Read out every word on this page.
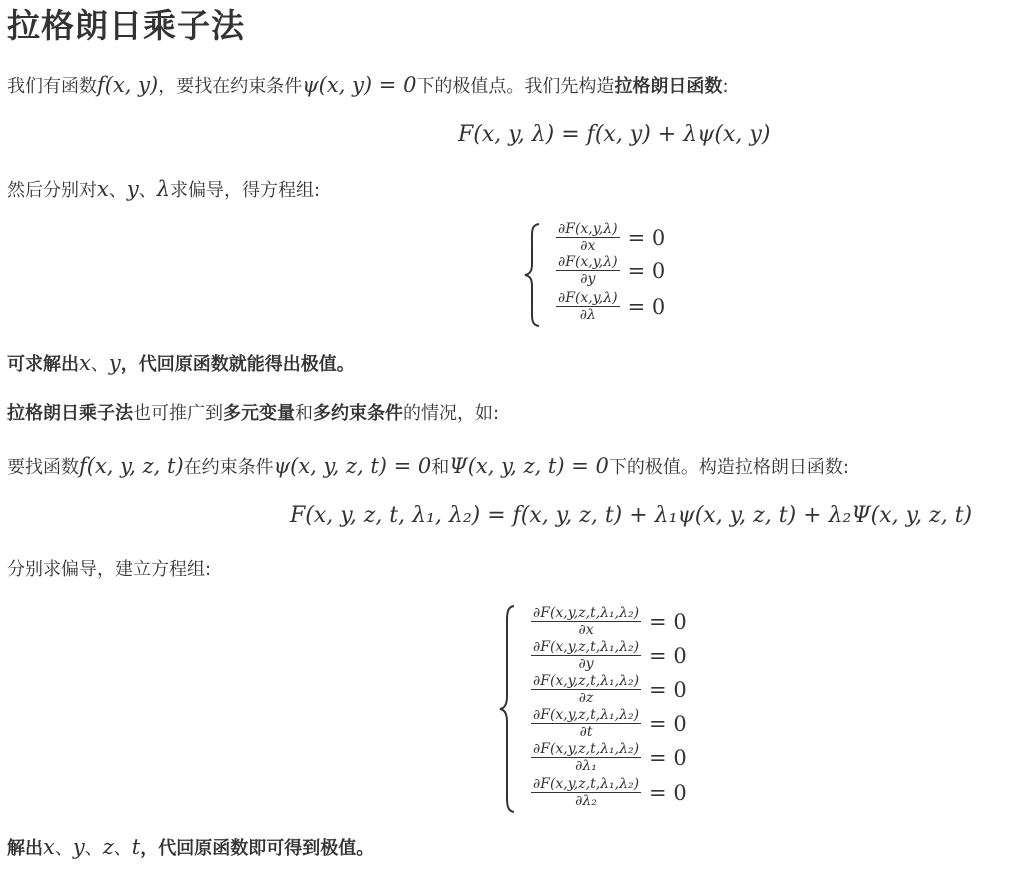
拉格朗日乘子法
我们有函数f(x, y)，要找在约束条件ψ(x, y) = 0下的极值点。我们先构造拉格朗日函数:
F(x, y, λ) = f(x, y) + λψ(x, y)
然后分别对x、y、λ求偏导，得方程组:
$\frac{\partial F(x,y,\lambda)}{\partial x} = 0$
$\frac{\partial F(x,y,\lambda)}{\partial y} = 0$
$\frac{\partial F(x,y,\lambda)}{\partial\lambda} = 0$
可求解出x、y，代回原函数就能得出极值。
拉格朗日乘子法也可推广到多元变量和多约束条件的情况，如:
要找函数f(x, y, z, t)在约束条件ψ(x, y, z, t) = 0和Ψ(x, y, z, t) = 0下的极值。构造拉格朗日函数:
F(x, y, z, t, λ₁, λ₂) = f(x, y, z, t) + λ₁ψ(x, y, z, t) + λ₂Ψ(x, y, z, t)
分别求偏导，建立方程组:
$\frac{\text{∂F(x,y,z,t,λ₁,λ₂)}}{\partial x} = 0$
$\frac{\text{∂F(x,y,z,t,λ₁,λ₂)}}{\partial y} = 0$
$\frac{\text{∂F(x,y,z,t,λ₁,λ₂)}}{\partial z} = 0$
$\frac{\text{∂F(x,y,z,t,λ₁,λ₂)}}{\partial t} = 0$
$\frac{\text{∂F(x,y,z,t,λ₁,λ₂)}}{\text{∂λ₁}} = 0$
$\frac{\text{∂F(x,y,z,t,λ₁,λ₂)}}{\text{∂λ₂}} = 0$
解出x、y、z、t，代回原函数即可得到极值。
